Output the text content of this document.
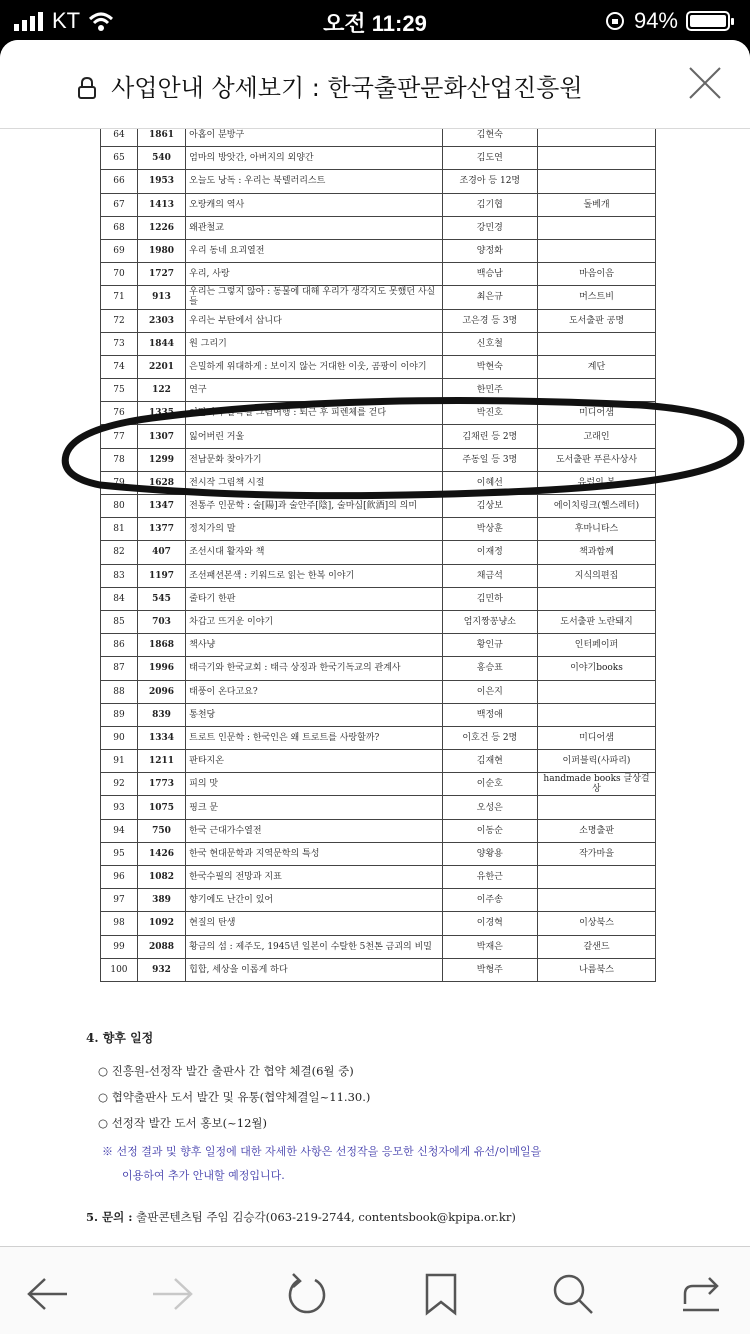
KT	오전 11:29	94%
사업안내 상세보기 : 한국출판문화산업진흥원
64	1861	아홉이 분방구	김현숙	
65	540	엄마의 방앗간, 아버지의 외양간	김도연	
66	1953	오늘도 낭독 : 우리는 북텔러리스트	조경아 등 12명	
67	1413	오랑캐의 역사	김기협	돌베개
68	1226	왜관철교	강민경	
69	1980	우리 동네 요괴열전	양정화	
70	1727	우리, 사랑	백승남	마음이음
71	913	우리는 그렇지 않아 : 동물에 대해 우리가 생각지도 못했던 사실들	최은규	머스트비
72	2303	우리는 부탄에서 삽니다	고은경 등 3명	도서출판 공명
73	1844	원 그리기	신호철	
74	2201	은밀하게 위대하게 : 보이지 않는 거대한 이웃, 곰팡이 이야기	박현숙	계단
75	122	연구	한민주	
76	1335	이탈리아 골목길 그림여행 : 퇴근 후 피렌체를 걷다	박진호	미디어샘
77	1307	잃어버린 거울	김채린 등 2명	고래인
78	1299	전남문화 찾아가기	주동일 등 3명	도서출판 푸른사상사
79	1628	전시작 그림책 시절	이혜선	유럽의 봄
80	1347	전통주 인문학 : 술[陽]과 술안주[陰], 술마심[飮酒]의 의미	김상보	에이치링크(헬스레터)
81	1377	정치가의 말	박상훈	후마니타스
82	407	조선시대 활자와 책	이재정	책과함께
83	1197	조선패션본색 : 키워드로 읽는 한복 이야기	채금석	지식의편집
84	545	줄타기 한판	김민하	
85	703	차갑고 뜨거운 이야기	엄지짱꽁냥소	도서출판 노란돼지
86	1868	책사냥	황인규	인터페이퍼
87	1996	태극기와 한국교회 : 태극 상징과 한국기독교의 관계사	홍승표	이야기books
88	2096	태풍이 온다고요?	이은지	
89	839	통천당	백정애	
90	1334	트로트 인문학 : 한국인은 왜 트로트를 사랑할까?	이호건 등 2명	미디어샘
91	1211	판타지온	김재현	이퍼블릭(사파리)
92	1773	피의 맛	이순호	handmade books 글상걸상
93	1075	핑크 문	오성은	
94	750	한국 근대가수열전	이동순	소명출판
95	1426	한국 현대문학과 지역문학의 특성	양왕용	작가마을
96	1082	한국수필의 전망과 지표	유한근	
97	389	향기에도 난간이 있어	이주송	
98	1092	현질의 탄생	이경혁	이상북스
99	2088	황금의 섬 : 제주도, 1945년 일본이 수탈한 5천톤 금괴의 비밀	박재은	갈샌드
100	932	힙합, 세상을 이롭게 하다	박형주	나름북스
4. 향후 일정
○ 진흥원-선정작 발간 출판사 간 협약 체결(6월 중)
○ 협약출판사 도서 발간 및 유통(협약체결일~11.30.)
○ 선정작 발간 도서 홍보(~12월)
※ 선정 결과 및 향후 일정에 대한 자세한 사항은 선정작을 응모한 신청자에게 유선/이메일을
이용하여 추가 안내할 예정입니다.
5. 문의 : 출판콘텐츠팀 주임 김승각(063-219-2744, contentsbook@kpipa.or.kr)
